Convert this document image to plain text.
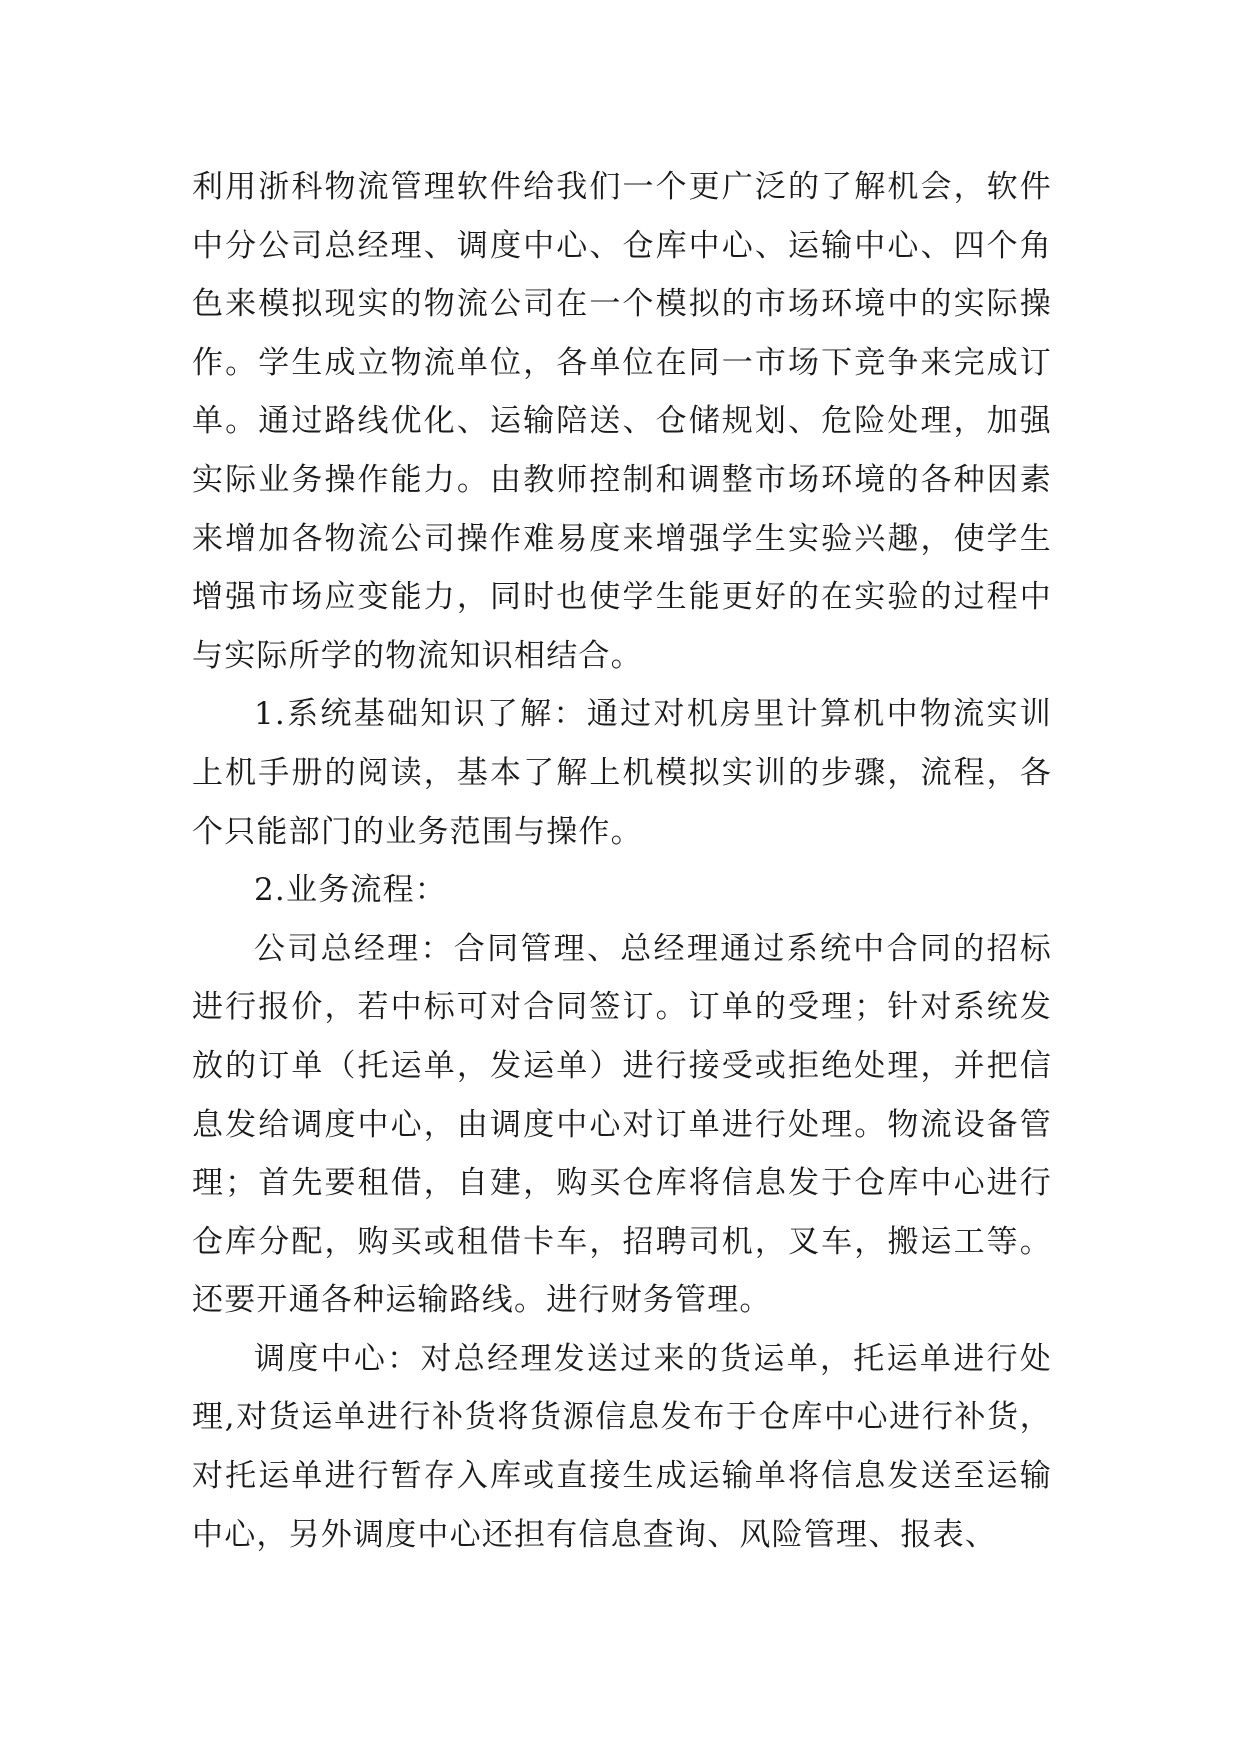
利用浙科物流管理软件给我们一个更广泛的了解机会，软件中分公司总经理、调度中心、仓库中心、运输中心、四个角色来模拟现实的物流公司在一个模拟的市场环境中的实际操作。学生成立物流单位，各单位在同一市场下竞争来完成订单。通过路线优化、运输陪送、仓储规划、危险处理，加强实际业务操作能力。由教师控制和调整市场环境的各种因素来增加各物流公司操作难易度来增强学生实验兴趣，使学生增强市场应变能力，同时也使学生能更好的在实验的过程中与实际所学的物流知识相结合。

1.系统基础知识了解：通过对机房里计算机中物流实训上机手册的阅读，基本了解上机模拟实训的步骤，流程，各个只能部门的业务范围与操作。

2.业务流程：

公司总经理：合同管理、总经理通过系统中合同的招标进行报价，若中标可对合同签订。订单的受理；针对系统发放的订单（托运单，发运单）进行接受或拒绝处理，并把信息发给调度中心，由调度中心对订单进行处理。物流设备管理；首先要租借，自建，购买仓库将信息发于仓库中心进行仓库分配，购买或租借卡车，招聘司机，叉车，搬运工等。还要开通各种运输路线。进行财务管理。

调度中心：对总经理发送过来的货运单，托运单进行处理,对货运单进行补货将货源信息发布于仓库中心进行补货，对托运单进行暂存入库或直接生成运输单将信息发送至运输中心，另外调度中心还担有信息查询、风险管理、报表、
